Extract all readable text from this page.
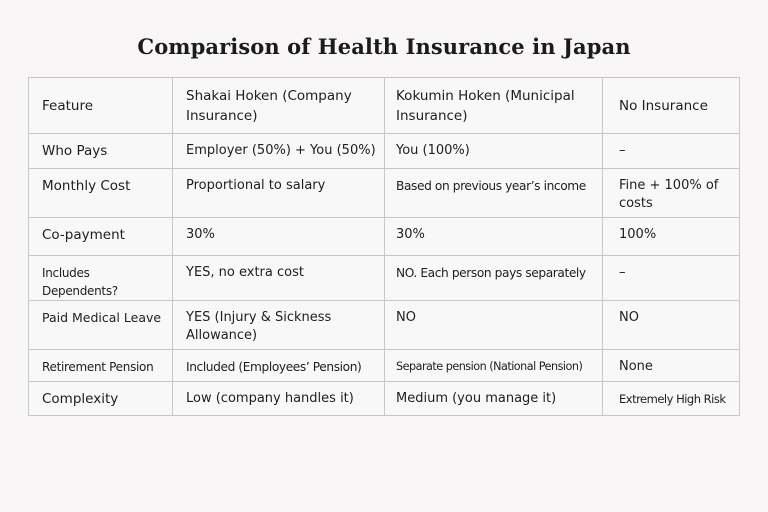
Comparison of Health Insurance in Japan
Feature	Shakai Hoken (Company Insurance)	Kokumin Hoken (Municipal Insurance)	No Insurance
Who Pays	Employer (50%) + You (50%)	You (100%)	–
Monthly Cost	Proportional to salary	Based on previous year’s income	Fine + 100% of costs
Co-payment	30%	30%	100%
Includes Dependents?	YES, no extra cost	NO. Each person pays separately	–
Paid Medical Leave	YES (Injury & Sickness Allowance)	NO	NO
Retirement Pension	Included (Employees’ Pension)	Separate pension (National Pension)	None
Complexity	Low (company handles it)	Medium (you manage it)	Extremely High Risk
